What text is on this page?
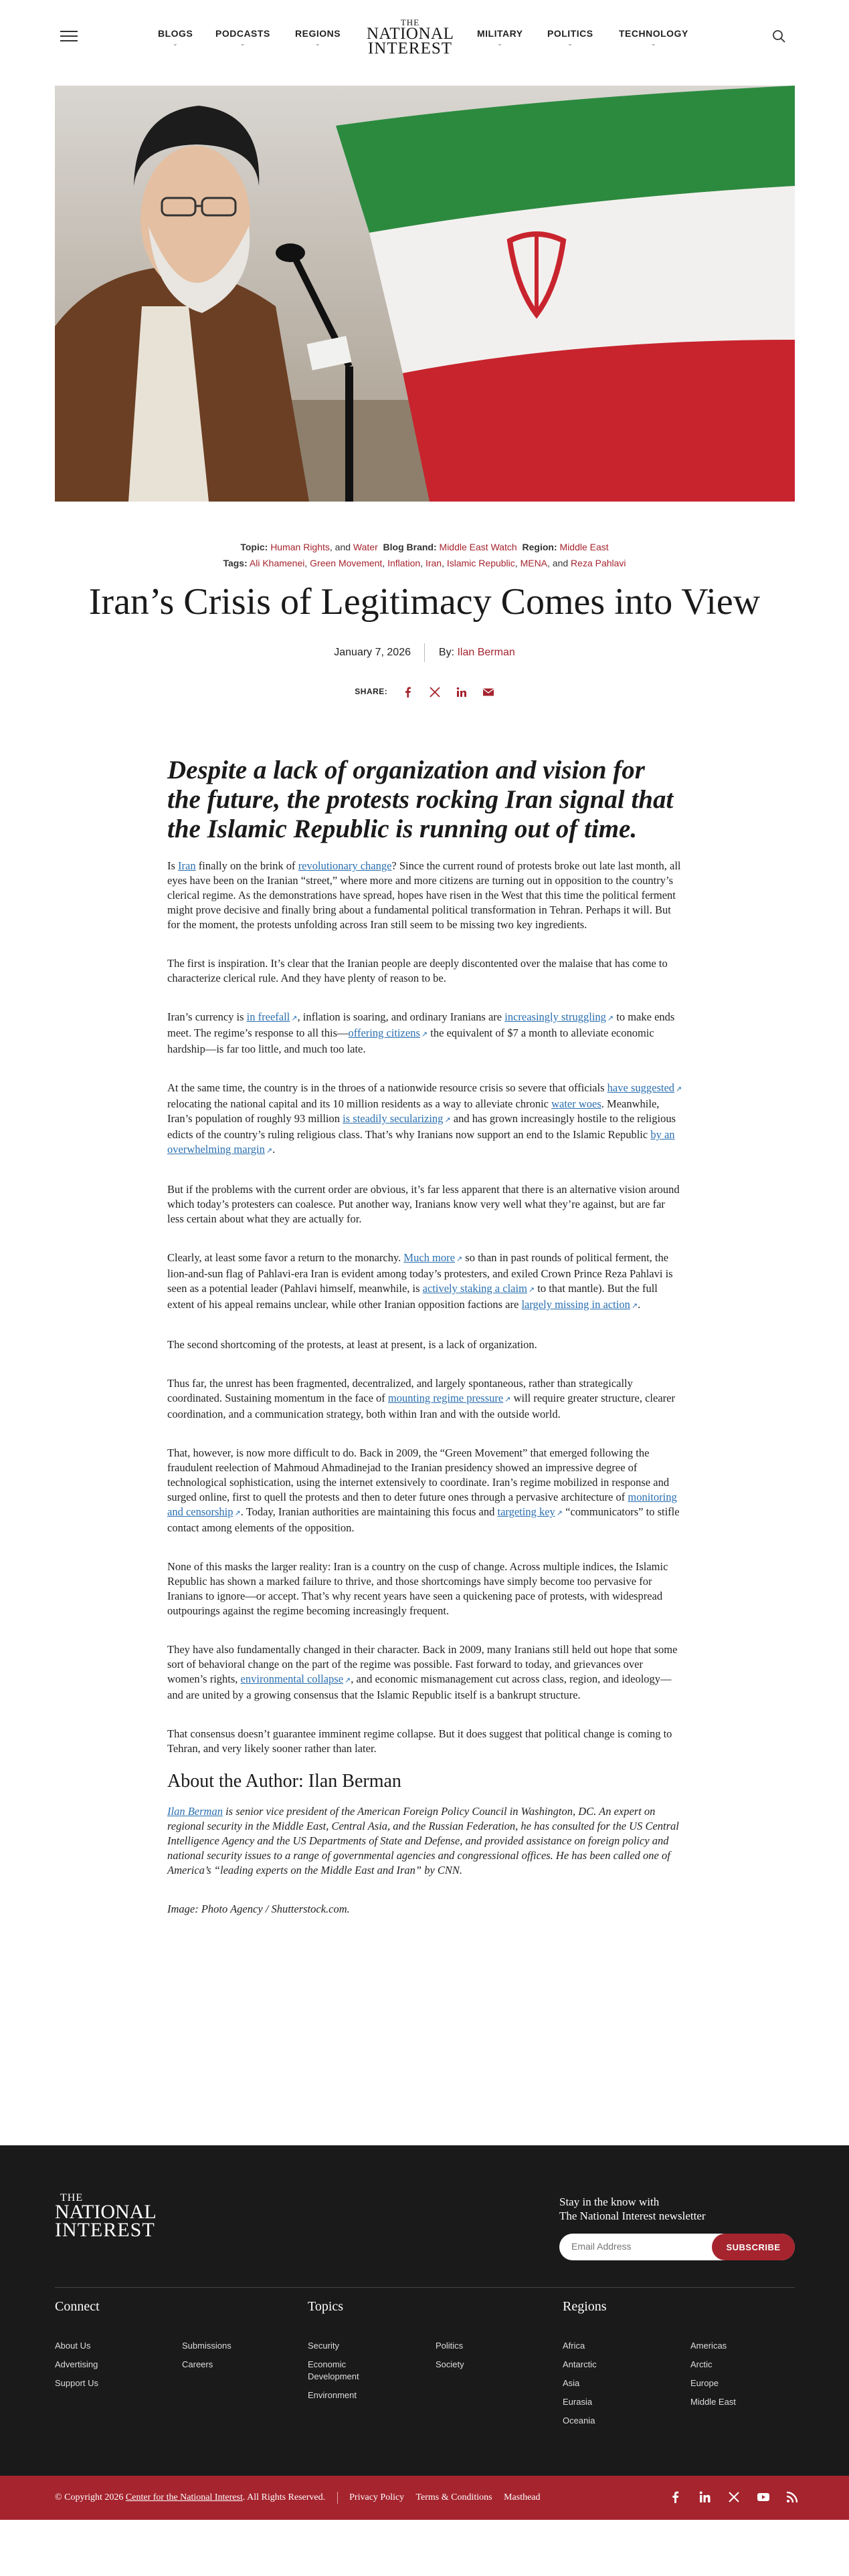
BLOGS
⌄
PODCASTS
⌄
REGIONS
⌄
THE
NATIONAL
INTEREST
MILITARY
⌄
POLITICS
⌄
TECHNOLOGY
⌄
Topic: Human Rights, and Water Blog Brand: Middle East Watch Region: Middle East
Tags: Ali Khamenei, Green Movement, Inflation, Iran, Islamic Republic, MENA, and Reza Pahlavi
Iran’s Crisis of Legitimacy Comes into View
January 7, 2026	By: Ilan Berman
SHARE:
Despite a lack of organization and vision for the future, the protests rocking Iran signal that the Islamic Republic is running out of time.

Is Iran finally on the brink of revolutionary change? Since the current round of protests broke out late last month, all eyes have been on the Iranian “street,” where more and more citizens are turning out in opposition to the country’s clerical regime. As the demonstrations have spread, hopes have risen in the West that this time the political ferment might prove decisive and finally bring about a fundamental political transformation in Tehran. Perhaps it will. But for the moment, the protests unfolding across Iran still seem to be missing two key ingredients.

The first is inspiration. It’s clear that the Iranian people are deeply discontented over the malaise that has come to characterize clerical rule. And they have plenty of reason to be.

Iran’s currency is in freefall ↗, inflation is soaring, and ordinary Iranians are increasingly struggling ↗ to make ends meet. The regime’s response to all this—offering citizens ↗ the equivalent of $7 a month to alleviate economic hardship—is far too little, and much too late.

At the same time, the country is in the throes of a nationwide resource crisis so severe that officials have suggested ↗ relocating the national capital and its 10 million residents as a way to alleviate chronic water woes. Meanwhile, Iran’s population of roughly 93 million is steadily secularizing ↗ and has grown increasingly hostile to the religious edicts of the country’s ruling religious class. That’s why Iranians now support an end to the Islamic Republic by an overwhelming margin ↗.

But if the problems with the current order are obvious, it’s far less apparent that there is an alternative vision around which today’s protesters can coalesce. Put another way, Iranians know very well what they’re against, but are far less certain about what they are actually for.

Clearly, at least some favor a return to the monarchy. Much more ↗ so than in past rounds of political ferment, the lion-and-sun flag of Pahlavi-era Iran is evident among today’s protesters, and exiled Crown Prince Reza Pahlavi is seen as a potential leader (Pahlavi himself, meanwhile, is actively staking a claim ↗ to that mantle). But the full extent of his appeal remains unclear, while other Iranian opposition factions are largely missing in action ↗.

The second shortcoming of the protests, at least at present, is a lack of organization.

Thus far, the unrest has been fragmented, decentralized, and largely spontaneous, rather than strategically coordinated. Sustaining momentum in the face of mounting regime pressure ↗ will require greater structure, clearer coordination, and a communication strategy, both within Iran and with the outside world.

That, however, is now more difficult to do. Back in 2009, the “Green Movement” that emerged following the fraudulent reelection of Mahmoud Ahmadinejad to the Iranian presidency showed an impressive degree of technological sophistication, using the internet extensively to coordinate. Iran’s regime mobilized in response and surged online, first to quell the protests and then to deter future ones through a pervasive architecture of monitoring and censorship ↗. Today, Iranian authorities are maintaining this focus and targeting key ↗ “communicators” to stifle contact among elements of the opposition.

None of this masks the larger reality: Iran is a country on the cusp of change. Across multiple indices, the Islamic Republic has shown a marked failure to thrive, and those shortcomings have simply become too pervasive for Iranians to ignore—or accept. That’s why recent years have seen a quickening pace of protests, with widespread outpourings against the regime becoming increasingly frequent.

They have also fundamentally changed in their character. Back in 2009, many Iranians still held out hope that some sort of behavioral change on the part of the regime was possible. Fast forward to today, and grievances over women’s rights, environmental collapse ↗, and economic mismanagement cut across class, region, and ideology—and are united by a growing consensus that the Islamic Republic itself is a bankrupt structure.

That consensus doesn’t guarantee imminent regime collapse. But it does suggest that political change is coming to Tehran, and very likely sooner rather than later.

About the Author: Ilan Berman

Ilan Berman is senior vice president of the American Foreign Policy Council in Washington, DC. An expert on regional security in the Middle East, Central Asia, and the Russian Federation, he has consulted for the US Central Intelligence Agency and the US Departments of State and Defense, and provided assistance on foreign policy and national security issues to a range of governmental agencies and congressional offices. He has been called one of America’s “leading experts on the Middle East and Iran” by CNN.

Image: Photo Agency / Shutterstock.com.

THE
NATIONAL
INTEREST
Stay in the know with
The National Interest newsletter
Email Address
SUBSCRIBE
Connect
About Us
Advertising
Support Us
Submissions
Careers
Topics
Security
Economic Development
Environment
Politics
Society
Regions
Africa
Antarctic
Asia
Eurasia
Oceania
Americas
Arctic
Europe
Middle East
© Copyright 2026 Center for the National Interest. All Rights Reserved.	Privacy Policy Terms & Conditions Masthead
